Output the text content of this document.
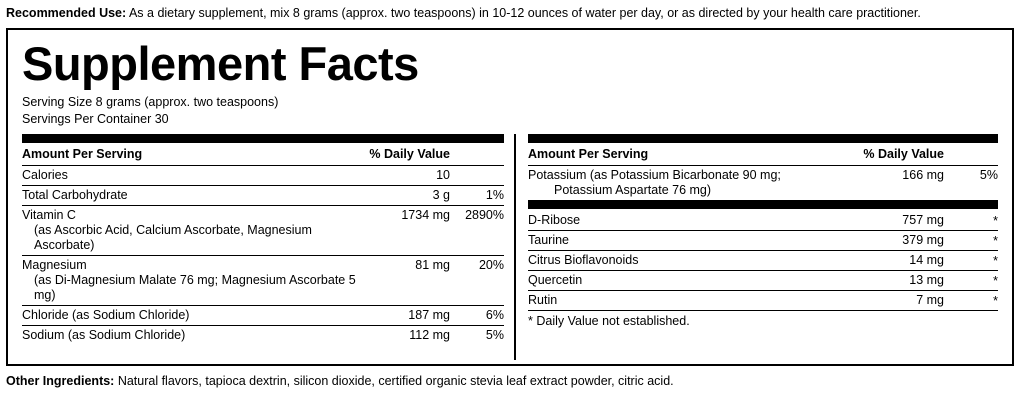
Recommended Use: As a dietary supplement, mix 8 grams (approx. two teaspoons) in 10-12 ounces of water per day, or as directed by your health care practitioner.
Supplement Facts
Serving Size 8 grams (approx. two teaspoons)
Servings Per Container 30
Amount Per Serving	% Daily Value	
Calories	10	
Total Carbohydrate	3 g	1%
Vitamin C
(as Ascorbic Acid, Calcium Ascorbate, Magnesium Ascorbate)	1734 mg	2890%
Magnesium
(as Di-Magnesium Malate 76 mg; Magnesium Ascorbate 5 mg)	81 mg	20%
Chloride (as Sodium Chloride)	187 mg	6%
Sodium (as Sodium Chloride)	112 mg	5%
Amount Per Serving	% Daily Value	
Potassium (as Potassium Bicarbonate 90 mg;
Potassium Aspartate 76 mg)	166 mg	5%
D-Ribose	757 mg	*
Taurine	379 mg	*
Citrus Bioflavonoids	14 mg	*
Quercetin	13 mg	*
Rutin	7 mg	*
* Daily Value not established.
Other Ingredients: Natural flavors, tapioca dextrin, silicon dioxide, certified organic stevia leaf extract powder, citric acid.
